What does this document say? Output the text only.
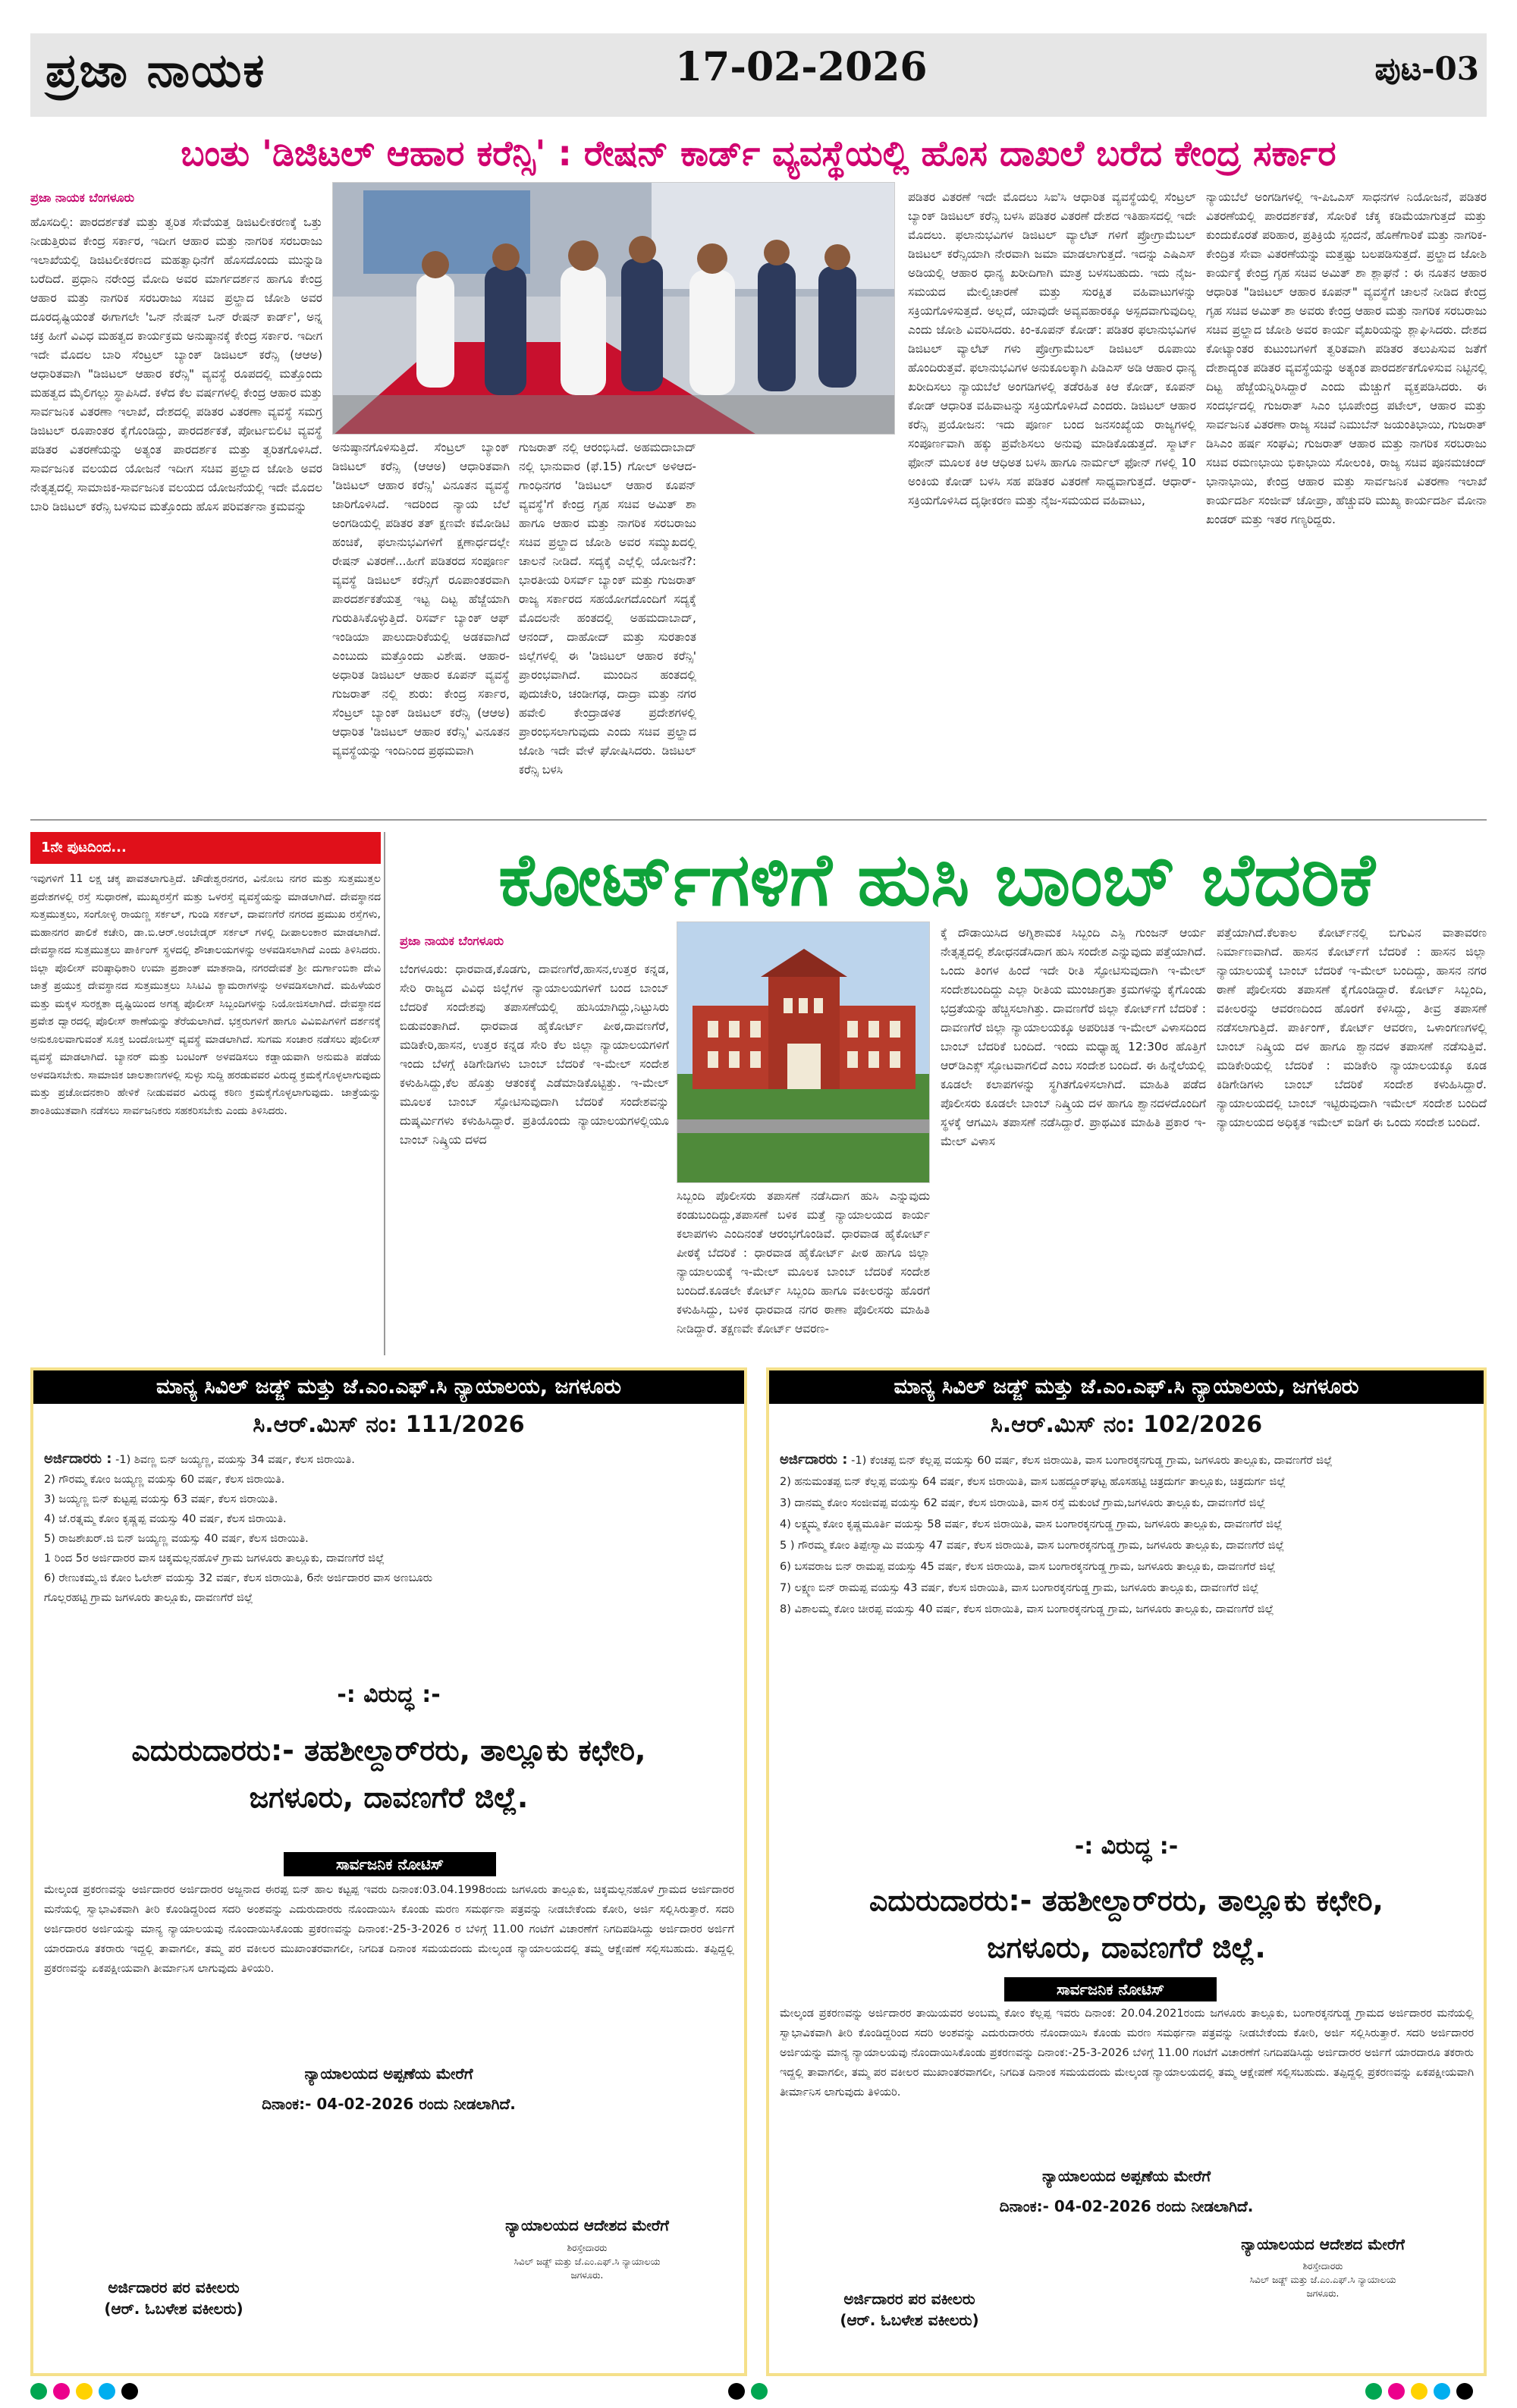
ಪ್ರಜಾ ನಾಯಕ	17-02-2026	ಪುಟ-03
ಬಂತು 'ಡಿಜಿಟಲ್ ಆಹಾರ ಕರೆನ್ಸಿ' : ರೇಷನ್ ಕಾರ್ಡ್ ವ್ಯವಸ್ಥೆಯಲ್ಲಿ ಹೊಸ ದಾಖಲೆ ಬರೆದ ಕೇಂದ್ರ ಸರ್ಕಾರ
ಪ್ರಜಾ ನಾಯಕ ಬೆಂಗಳೂರು

ಹೊಸದಿಲ್ಲಿ: ಪಾರದರ್ಶಕತೆ ಮತ್ತು ತ್ವರಿತ ಸೇವೆಯತ್ತ ಡಿಜಿಟಲೀಕರಣಕ್ಕೆ ಒತ್ತು ನೀಡುತ್ತಿರುವ ಕೇಂದ್ರ ಸರ್ಕಾರ, ಇದೀಗ ಆಹಾರ ಮತ್ತು ನಾಗರಿಕ ಸರಬರಾಜು ಇಲಾಖೆಯಲ್ಲಿ ಡಿಜಿಟಲೀಕರಣದ ಮಹತ್ವಾಧಿನೆಗೆ ಹೊಸದೊಂದು ಮುನ್ನುಡಿ ಬರೆದಿದೆ. ಪ್ರಧಾನಿ ನರೇಂದ್ರ ಮೋದಿ ಅವರ ಮಾರ್ಗದರ್ಶನ ಹಾಗೂ ಕೇಂದ್ರ ಆಹಾರ ಮತ್ತು ನಾಗರಿಕ ಸರಬರಾಜು ಸಚಿವ ಪ್ರಲ್ಹಾದ ಜೋಶಿ ಅವರ ದೂರದೃಷ್ಟಿಯಂತೆ ಈಗಾಗಲೇ 'ಒನ್ ನೇಷನ್ ಒನ್ ರೇಷನ್ ಕಾರ್ಡ್', ಅನ್ನ ಚಕ್ರ ಹೀಗೆ ವಿವಿಧ ಮಹತ್ವದ ಕಾರ್ಯಕ್ರಮ ಅನುಷ್ಠಾನಕ್ಕೆ ಕೇಂದ್ರ ಸರ್ಕಾರ. ಇದೀಗ ಇದೇ ಮೊದಲ ಬಾರಿ ಸೆಂಟ್ರಲ್ ಬ್ಯಾಂಕ್ ಡಿಜಿಟಲ್ ಕರೆನ್ಸಿ (ಆಆಅ) ಆಧಾರಿತವಾಗಿ "ಡಿಜಿಟಲ್ ಆಹಾರ ಕರೆನ್ಸಿ" ವ್ಯವಸ್ಥೆ ರೂಪದಲ್ಲಿ ಮತ್ತೊಂದು ಮಹತ್ವದ ಮೈಲಿಗಲ್ಲು ಸ್ಥಾಪಿಸಿದೆ. ಕಳೆದ ಕೆಲ ವರ್ಷಗಳಲ್ಲಿ ಕೇಂದ್ರ ಆಹಾರ ಮತ್ತು ಸಾರ್ವಜನಿಕ ವಿತರಣಾ ಇಲಾಖೆ, ದೇಶದಲ್ಲಿ ಪಡಿತರ ವಿತರಣಾ ವ್ಯವಸ್ಥೆ ಸಮಗ್ರ ಡಿಜಿಟಲ್ ರೂಪಾಂತರ ಕೈಗೊಂಡಿದ್ದು, ಪಾರದರ್ಶಕತೆ, ಪೋರ್ಟಬಿಲಿಟಿ ವ್ಯವಸ್ಥೆ ಪಡಿತರ ವಿತರಣೆಯನ್ನು ಅತ್ಯಂತ ಪಾರದರ್ಶಕ ಮತ್ತು ತ್ವರಿತಗೊಳಿಸಿದೆ. ಸಾರ್ವಜನಿಕ ವಲಯದ ಯೋಜನೆ ಇದೀಗ ಸಚಿವ ಪ್ರಲ್ಹಾದ ಜೋಶಿ ಅವರ ನೇತೃತ್ವದಲ್ಲಿ ಸಾಮಾಜಿಕ-ಸಾರ್ವಜನಿಕ ವಲಯದ ಯೋಜನೆಯಲ್ಲಿ ಇದೇ ಮೊದಲ ಬಾರಿ ಡಿಜಿಟಲ್ ಕರೆನ್ಸಿ ಬಳಸುವ ಮತ್ತೊಂದು ಹೊಸ ಪರಿವರ್ತನಾ ಕ್ರಮವನ್ನು

ಅನುಷ್ಠಾನಗೊಳಿಸುತ್ತಿದೆ. ಸೆಂಟ್ರಲ್ ಬ್ಯಾಂಕ್ ಡಿಜಿಟಲ್ ಕರೆನ್ಸಿ (ಆಆಅ) ಆಧಾರಿತವಾಗಿ 'ಡಿಜಿಟಲ್ ಆಹಾರ ಕರೆನ್ಸಿ' ವಿನೂತನ ವ್ಯವಸ್ಥೆ ಜಾರಿಗೊಳಿಸಿದೆ. ಇದರಿಂದ ನ್ಯಾಯ ಬೆಲೆ ಅಂಗಡಿಯಲ್ಲಿ ಪಡಿತರ ತತ್ ಕ್ಷಣವೇ ಕಮೋಡಿಟಿ ಹಂಚಿಕೆ, ಫಲಾನುಭವಿಗಳಿಗೆ ಕ್ಷಣಾರ್ಧದಲ್ಲೇ ರೇಷನ್ ವಿತರಣೆ...ಹೀಗೆ ಪಡಿತರದ ಸಂಪೂರ್ಣ ವ್ಯವಸ್ಥೆ ಡಿಜಿಟಲ್ ಕರೆನ್ಸಿಗೆ ರೂಪಾಂತರವಾಗಿ ಪಾರದರ್ಶಕತೆಯತ್ತ ಇಟ್ಟ ದಿಟ್ಟ ಹೆಜ್ಜೆಯಾಗಿ ಗುರುತಿಸಿಕೊಳ್ಳುತ್ತಿದೆ. ರಿಸರ್ವ್ ಬ್ಯಾಂಕ್ ಆಫ್ ಇಂಡಿಯಾ ಪಾಲುದಾರಿಕೆಯಲ್ಲಿ ಅಡಕವಾಗಿದೆ ಎಂಬುದು ಮತ್ತೊಂದು ವಿಶೇಷ. ಆಹಾರ-ಅಧಾರಿತ ಡಿಜಿಟಲ್ ಆಹಾರ ಕೂಪನ್ ವ್ಯವಸ್ಥೆ ಗುಜರಾತ್ ನಲ್ಲಿ ಶುರು: ಕೇಂದ್ರ ಸರ್ಕಾರ, ಸೆಂಟ್ರಲ್ ಬ್ಯಾಂಕ್ ಡಿಜಿಟಲ್ ಕರೆನ್ಸಿ (ಆಆಅ) ಆಧಾರಿತ 'ಡಿಜಿಟಲ್ ಆಹಾರ ಕರೆನ್ಸಿ' ವಿನೂತನ ವ್ಯವಸ್ಥೆಯನ್ನು ಇಂದಿನಿಂದ ಪ್ರಥಮವಾಗಿ

ಗುಜರಾತ್ ನಲ್ಲಿ ಆರಂಭಿಸಿದೆ. ಅಹಮದಾಬಾದ್ ನಲ್ಲಿ ಭಾನುವಾರ (ಫೆ.15) ಗೋಲ್ ಅಳಿಆದ-ಗಾಂಧಿನಗರ 'ಡಿಜಿಟಲ್ ಆಹಾರ ಕೂಪನ್ ವ್ಯವಸ್ಥೆ'ಗೆ ಕೇಂದ್ರ ಗೃಹ ಸಚಿವ ಅಮಿತ್ ಶಾ ಹಾಗೂ ಆಹಾರ ಮತ್ತು ನಾಗರಿಕ ಸರಬರಾಜು ಸಚಿವ ಪ್ರಲ್ಹಾದ ಜೋಶಿ ಅವರ ಸಮ್ಮುಖದಲ್ಲಿ ಚಾಲನೆ ನೀಡಿದೆ. ಸದ್ಯಕ್ಕೆ ಎಲ್ಲೆಲ್ಲಿ ಯೋಜನೆ?: ಭಾರತೀಯ ರಿಸರ್ವ್ ಬ್ಯಾಂಕ್ ಮತ್ತು ಗುಜರಾತ್ ರಾಜ್ಯ ಸರ್ಕಾರದ ಸಹಯೋಗದೊಂದಿಗೆ ಸದ್ಯಕ್ಕೆ ಮೊದಲನೇ ಹಂತದಲ್ಲಿ ಅಹಮದಾಬಾದ್, ಆನಂದ್, ದಾಹೋದ್ ಮತ್ತು ಸುರತಾಂತ ಜಿಲ್ಲೆಗಳಲ್ಲಿ ಈ 'ಡಿಜಿಟಲ್ ಆಹಾರ ಕರೆನ್ಸಿ' ಪ್ರಾರಂಭವಾಗಿದೆ. ಮುಂದಿನ ಹಂತದಲ್ಲಿ ಪುದುಚೇರಿ, ಚಂಡೀಗಢ, ದಾದ್ರಾ ಮತ್ತು ನಗರ ಹವೇಲಿ ಕೇಂದ್ರಾಡಳಿತ ಪ್ರದೇಶಗಳಲ್ಲಿ ಪ್ರಾರಂಭಿಸಲಾಗುವುದು ಎಂದು ಸಚಿವ ಪ್ರಲ್ಹಾದ ಜೋಶಿ ಇದೇ ವೇಳೆ ಘೋಷಿಸಿದರು. ಡಿಜಿಟಲ್ ಕರೆನ್ಸಿ ಬಳಸಿ

ಪಡಿತರ ವಿತರಣೆ ಇದೇ ಮೊದಲು ಸಿಐಿಸಿ ಆಧಾರಿತ ವ್ಯವಸ್ಥೆಯಲ್ಲಿ ಸೆಂಟ್ರಲ್ ಬ್ಯಾಂಕ್ ಡಿಜಿಟಲ್ ಕರೆನ್ಸಿ ಬಳಸಿ ಪಡಿತರ ವಿತರಣೆ ದೇಶದ ಇತಿಹಾಸದಲ್ಲಿ ಇದೇ ಮೊದಲು. ಫಲಾನುಭವಿಗಳ ಡಿಜಿಟಲ್ ವ್ಯಾಲೆಟ್ ಗಳಿಗೆ ಪ್ರೋಗ್ರಾಮೆಬಲ್ ಡಿಜಿಟಲ್ ಕರೆನ್ಸಿಯಾಗಿ ನೇರವಾಗಿ ಜಮಾ ಮಾಡಲಾಗುತ್ತದೆ. ಇದನ್ನು ಎಷಿಎಸ್ ಅಡಿಯಲ್ಲಿ ಆಹಾರ ಧಾನ್ಯ ಖರೀದಿಗಾಗಿ ಮಾತ್ರ ಬಳಸಬಹುದು. ಇದು ನೈಜ-ಸಮಯದ ಮೇಲ್ವಿಚಾರಣೆ ಮತ್ತು ಸುರಕ್ಷಿತ ವಹಿವಾಟುಗಳನ್ನು ಸಕ್ರಿಯಗೊಳಿಸುತ್ತದೆ. ಅಲ್ಲದೆ, ಯಾವುದೇ ಅವ್ಯವಹಾರಕ್ಕೂ ಅಸ್ಪದವಾಗುವುದಿಲ್ಲ ಎಂದು ಜೋಶಿ ವಿವರಿಸಿದರು. ಕಿಂ-ಕೂಪನ್ ಕೋಡ್: ಪಡಿತರ ಫಲಾನುಭವಿಗಳ ಡಿಜಿಟಲ್ ವ್ಯಾಲೆಟ್ ಗಳು ಪ್ರೋಗ್ರಾಮೆಬಲ್ ಡಿಜಿಟಲ್ ರೂಪಾಯಿ ಹೊಂದಿರುತ್ತವೆ. ಫಲಾನುಭವಿಗಳ ಅನುಕೂಲಕ್ಕಾಗಿ ಪಿಡಿಎಸ್ ಅಡಿ ಆಹಾರ ಧಾನ್ಯ ಖರೀದಿಸಲು ನ್ಯಾಯಬೆಲೆ ಅಂಗಡಿಗಳಲ್ಲಿ ತಡೆರಹಿತ ಕಿಆ ಕೋಡ್, ಕೂಪನ್ ಕೋಡ್ ಆಧಾರಿತ ವಹಿವಾಟನ್ನು ಸಕ್ರಿಯಗೊಳಿಸಿದೆ ಎಂದರು. ಡಿಜಿಟಲ್ ಆಹಾರ ಕರೆನ್ಸಿ ಪ್ರಯೋಜನ: ಇದು ಪೂರ್ಣ ಬಂದ ಜನಸಂಖ್ಯೆಯ ರಾಜ್ಯಗಳಲ್ಲಿ ಸಂಪೂರ್ಣವಾಗಿ ಹಕ್ಕು ಪ್ರವೇಶಿಸಲು ಅನುವು ಮಾಡಿಕೊಡುತ್ತದೆ. ಸ್ಮಾರ್ಟ್ ಫೋನ್ ಮೂಲಕ ಕಿಆ ಆಧಿಅತ ಬಳಸಿ ಹಾಗೂ ನಾರ್ಮಲ್ ಫೋನ್ ಗಳಲ್ಲಿ 10 ಅಂಕಿಯ ಕೋಡ್ ಬಳಸಿ ಸಹ ಪಡಿತರ ವಿತರಣೆ ಸಾಧ್ಯವಾಗುತ್ತದೆ. ಆಧಾರ್-ಸಕ್ರಿಯಗೊಳಿಸಿದ ದೃಢೀಕರಣ ಮತ್ತು ನೈಜ-ಸಮಯದ ವಹಿವಾಟು,

ನ್ಯಾಯಬೆಲೆ ಅಂಗಡಿಗಳಲ್ಲಿ ಇ-ಪಿಒಎಸ್ ಸಾಧನಗಳ ನಿಯೋಜನೆ, ಪಡಿತರ ವಿತರಣೆಯಲ್ಲಿ ಪಾರದರ್ಶಕತೆ, ಸೋರಿಕೆ ಚೆಕ್ಕ ಕಡಿಮೆಯಾಗುತ್ತದೆ ಮತ್ತು ಕುಂದುಕೊರತೆ ಪರಿಹಾರ, ಪ್ರತಿಕ್ರಿಯೆ ಸ್ಪಂದನೆ, ಹೊಣೆಗಾರಿಕೆ ಮತ್ತು ನಾಗರಿಕ-ಕೇಂದ್ರಿತ ಸೇವಾ ವಿತರಣೆಯನ್ನು ಮತ್ತಷ್ಟು ಬಲಪಡಿಸುತ್ತದೆ. ಪ್ರಲ್ಹಾದ ಜೋಶಿ ಕಾರ್ಯಕ್ಕೆ ಕೇಂದ್ರ ಗೃಹ ಸಚಿವ ಅಮಿತ್ ಶಾ ಶ್ಲಾಘನೆ : ಈ ನೂತನ ಆಹಾರ ಆಧಾರಿತ "ಡಿಜಿಟಲ್ ಆಹಾರ ಕೂಪನ್" ವ್ಯವಸ್ಥೆಗೆ ಚಾಲನೆ ನೀಡಿದ ಕೇಂದ್ರ ಗೃಹ ಸಚಿವ ಅಮಿತ್ ಶಾ ಅವರು ಕೇಂದ್ರ ಆಹಾರ ಮತ್ತು ನಾಗರಿಕ ಸರಬರಾಜು ಸಚಿವ ಪ್ರಲ್ಹಾದ ಜೋಶಿ ಅವರ ಕಾರ್ಯ ವೈಖರಿಯನ್ನು ಶ್ಲಾಘಿಸಿದರು. ದೇಶದ ಕೋಟ್ಯಾಂತರ ಕುಟುಂಬಗಳಿಗೆ ತ್ವರಿತವಾಗಿ ಪಡಿತರ ತಲುಪಿಸುವ ಜತೆಗೆ ದೇಶಾದ್ಯಂತ ಪಡಿತರ ವ್ಯವಸ್ಥೆಯನ್ನು ಅತ್ಯಂತ ಪಾರದರ್ಶಕಗೊಳಿಸುವ ನಿಟ್ಟಿನಲ್ಲಿ ದಿಟ್ಟ ಹೆಜ್ಜೆಯನ್ನಿರಿಸಿದ್ದಾರೆ ಎಂದು ಮೆಚ್ಚುಗೆ ವ್ಯಕ್ತಪಡಿಸಿದರು. ಈ ಸಂದರ್ಭದಲ್ಲಿ ಗುಜರಾತ್ ಸಿಎಂ ಭೂಪೇಂದ್ರ ಪಟೇಲ್, ಆಹಾರ ಮತ್ತು ಸಾರ್ವಜನಿಕ ವಿತರಣಾ ರಾಜ್ಯ ಸಚಿವೆ ನಿಮುಬೆನ್ ಜಯಂತಿಭಾಯಿ, ಗುಜರಾತ್ ಡಿಸಿಎಂ ಹರ್ಷ ಸಂಘವಿ; ಗುಜರಾತ್ ಆಹಾರ ಮತ್ತು ನಾಗರಿಕ ಸರಬರಾಜು ಸಚಿವ ರಮಣಭಾಯಿ ಭಿಕಾಭಾಯಿ ಸೋಲಂಕಿ, ರಾಜ್ಯ ಸಚಿವ ಪೂನಮಚಂದ್ ಭಾನಾಭಾಯಿ, ಕೇಂದ್ರ ಆಹಾರ ಮತ್ತು ಸಾರ್ವಜನಿಕ ವಿತರಣಾ ಇಲಾಖೆ ಕಾರ್ಯದರ್ಶಿ ಸಂಜೀವ್ ಚೋಪ್ರಾ, ಹೆಚ್ಚುವರಿ ಮುಖ್ಯ ಕಾರ್ಯದರ್ಶಿ ಮೋನಾ ಖಂಡರ್ ಮತ್ತು ಇತರ ಗಣ್ಯರಿದ್ದರು.

1ನೇ ಪುಟದಿಂದ...

ಇವುಗಳಿಗೆ 11 ಲಕ್ಷ ಚಕ್ಕ ಪಾವತಲಾಗುತ್ತಿದೆ. ಚೌಡೇಶ್ವರನಗರ, ವಿನೋಬ ನಗರ ಮತ್ತು ಸುತ್ತಮುತ್ತಲ ಪ್ರದೇಶಗಳಲ್ಲಿ ರಸ್ತೆ ಸುಧಾರಣೆ, ಮುಖ್ಯರಸ್ತೆಗೆ ಮತ್ತು ಒಳರಸ್ತೆ ವ್ಯವಸ್ಥೆಯನ್ನು ಮಾಡಲಾಗಿದೆ. ದೇವಸ್ಥಾನದ ಸುತ್ತಮುತ್ತಲು, ಸಂಗೋಳ್ಳಿ ರಾಯಣ್ಣ ಸರ್ಕಲ್, ಗುಂಡಿ ಸರ್ಕಲ್, ದಾವಣಗೆರೆ ನಗರದ ಪ್ರಮುಖ ರಸ್ತೆಗಳು, ಮಹಾನಗರ ಪಾಲಿಕೆ ಕಚೇರಿ, ಡಾ.ಬಿ.ಆರ್.ಅಂಬೇಡ್ಕರ್ ಸರ್ಕಲ್ ಗಳಲ್ಲಿ ದೀಪಾಲಂಕಾರ ಮಾಡಲಾಗಿದೆ. ದೇವಸ್ಥಾನದ ಸುತ್ತಮುತ್ತಲು ಪಾರ್ಕಿಂಗ್ ಸ್ಥಳದಲ್ಲಿ ಶೌಚಾಲಯಗಳನ್ನು ಅಳವಡಿಸಲಾಗಿದೆ ಎಂದು ತಿಳಿಸಿದರು. ಜಿಲ್ಲಾ ಪೊಲೀಸ್ ವರಿಷ್ಠಾಧಿಕಾರಿ ಉಮಾ ಪ್ರಶಾಂತ್ ಮಾತನಾಡಿ, ನಗರದೇವತೆ ಶ್ರೀ ದುರ್ಗಾಂಬಿಕಾ ದೇವಿ ಜಾತ್ರೆ ಪ್ರಯುಕ್ತ ದೇವಸ್ಥಾನದ ಸುತ್ತಮುತ್ತಲು ಸಿಸಿಟಿವಿ ಕ್ಯಾಮರಾಗಳನ್ನು ಅಳವಡಿಸಲಾಗಿದೆ. ಮಹಿಳೆಯರ ಮತ್ತು ಮಕ್ಕಳ ಸುರಕ್ಷತಾ ದೃಷ್ಟಿಯಿಂದ ಅಗತ್ಯ ಪೊಲೀಸ್ ಸಿಬ್ಬಂದಿಗಳನ್ನು ನಿಯೋಜಿಸಲಾಗಿದೆ. ದೇವಸ್ಥಾನದ ಪ್ರವೇಶ ದ್ವಾರದಲ್ಲಿ ಪೊಲೀಸ್ ಠಾಣೆಯನ್ನು ತೆರೆಯಲಾಗಿದೆ. ಭಕ್ತರುಗಳಿಗೆ ಹಾಗೂ ವಿವಿಐಪಿಗಳಿಗೆ ದರ್ಶನಕ್ಕೆ ಅನುಕೂಲವಾಗುವಂತೆ ಸೂಕ್ತ ಬಂದೋಬಸ್ತ್ ವ್ಯವಸ್ಥೆ ಮಾಡಲಾಗಿದೆ. ಸುಗಮ ಸಂಚಾರ ನಡೆಸಲು ಪೊಲೀಸ್ ವ್ಯವಸ್ಥೆ ಮಾಡಲಾಗಿದೆ. ಬ್ಯಾನರ್ ಮತ್ತು ಬಂಟಿಂಗ್ ಅಳವಡಿಸಲು ಕಡ್ಡಾಯವಾಗಿ ಅನುಮತಿ ಪಡೆಯ ಅಳವಡಿಸಬೇಕು. ಸಾಮಾಜಿಕ ಜಾಲತಾಣಗಳಲ್ಲಿ ಸುಳ್ಳು ಸುದ್ದಿ ಹರಡುವವರ ವಿರುದ್ಧ ಕ್ರಮಕೈಗೊಳ್ಳಲಾಗುವುದು ಮತ್ತು ಪ್ರಚೋದನಕಾರಿ ಹೇಳಿಕೆ ನೀಡುವವರ ವಿರುದ್ಧ ಕಠಿಣ ಕ್ರಮಕೈಗೊಳ್ಳಲಾಗುವುದು. ಜಾತ್ರೆಯನ್ನು ಶಾಂತಿಯುತವಾಗಿ ನಡೆಸಲು ಸಾರ್ವಜನಿಕರು ಸಹಕರಿಸಬೇಕು ಎಂದು ತಿಳಿಸಿದರು.

ಕೋರ್ಟ್‌ಗಳಿಗೆ ಹುಸಿ ಬಾಂಬ್ ಬೆದರಿಕೆ
ಪ್ರಜಾ ನಾಯಕ ಬೆಂಗಳೂರು

ಬೆಂಗಳೂರು: ಧಾರವಾಡ,ಕೊಡಗು, ದಾವಣಗೆರೆ,ಹಾಸನ,ಉತ್ತರ ಕನ್ನಡ, ಸೇರಿ ರಾಜ್ಯದ ವಿವಿಧ ಜಿಲ್ಲೆಗಳ ನ್ಯಾಯಾಲಯಗಳಿಗೆ ಬಂದ ಬಾಂಬ್ ಬೆದರಿಕೆ ಸಂದೇಶವು ತಪಾಸಣೆಯಲ್ಲಿ ಹುಸಿಯಾಗಿದ್ದು,ನಿಟ್ಟುಸಿರು ಬಿಡುವಂತಾಗಿದೆ. ಧಾರವಾಡ ಹೈಕೋರ್ಟ್ ಪೀಠ,ದಾವಣಗೆರೆ, ಮಡಿಕೇರಿ,ಹಾಸನ, ಉತ್ತರ ಕನ್ನಡ ಸೇರಿ ಕೆಲ ಜಿಲ್ಲಾ ನ್ಯಾಯಾಲಯಗಳಿಗೆ ಇಂದು ಬೆಳಗ್ಗೆ ಕಿಡಿಗೇಡಿಗಳು ಬಾಂಬ್ ಬೆದರಿಕೆ ಇ-ಮೇಲ್ ಸಂದೇಶ ಕಳುಹಿಸಿದ್ದು,ಕೆಲ ಹೊತ್ತು ಆತಂಕಕ್ಕೆ ಎಡೆಮಾಡಿಕೊಟ್ಟಿತ್ತು. ಇ-ಮೇಲ್ ಮೂಲಕ ಬಾಂಬ್ ಸ್ಫೋಟಿಸುವುದಾಗಿ ಬೆದರಿಕೆ ಸಂದೇಶವನ್ನು ದುಷ್ಕರ್ಮಿಗಳು ಕಳುಹಿಸಿದ್ದಾರೆ. ಪ್ರತಿಯೊಂದು ನ್ಯಾಯಾಲಯಗಳಲ್ಲಿಯೂ ಬಾಂಬ್ ನಿಷ್ಕ್ರಿಯ ದಳದ

ಸಿಬ್ಬಂದಿ ಪೊಲೀಸರು ತಪಾಸಣೆ ನಡೆಸಿದಾಗ ಹುಸಿ ಎನ್ನುವುದು ಕಂಡುಬಂದಿದ್ದು,ತಪಾಸಣೆ ಬಳಿಕ ಮತ್ತೆ ನ್ಯಾಯಾಲಯದ ಕಾರ್ಯ ಕಲಾಪಗಳು ಎಂದಿನಂತೆ ಆರಂಭಗೊಂಡಿವೆ. ಧಾರವಾಡ ಹೈಕೋರ್ಟ್ ಪೀಠಕ್ಕೆ ಬೆದರಿಕೆ : ಧಾರವಾಡ ಹೈಕೋರ್ಟ್ ಪೀಠ ಹಾಗೂ ಜಿಲ್ಲಾ ನ್ಯಾಯಾಲಯಕ್ಕೆ ಇ-ಮೇಲ್ ಮೂಲಕ ಬಾಂಬ್ ಬೆದರಿಕೆ ಸಂದೇಶ ಬಂದಿದೆ.ಕೂಡಲೇ ಕೋರ್ಟ್ ಸಿಬ್ಬಂದಿ ಹಾಗೂ ವಕೀಲರನ್ನು ಹೊರಗೆ ಕಳುಹಿಸಿದ್ದು, ಬಳಿಕ ಧಾರವಾಡ ನಗರ ಠಾಣಾ ಪೊಲೀಸರು ಮಾಹಿತಿ ನೀಡಿದ್ದಾರೆ. ತಕ್ಷಣವೇ ಕೋರ್ಟ್ ಆವರಣ-

ಕ್ಕೆ ದೌಡಾಯಿಸಿದ ಅಗ್ನಿಶಾಮಕ ಸಿಬ್ಬಂದಿ ಎಸ್ಪಿ ಗುಂಜನ್ ಆರ್ಯ ನೇತೃತ್ವದಲ್ಲಿ ಶೋಧನಡೆಸಿದಾಗ ಹುಸಿ ಸಂದೇಶ ಎನ್ನುವುದು ಪತ್ತೆಯಾಗಿದೆ. ಒಂದು ತಿಂಗಳ ಹಿಂದೆ ಇದೇ ರೀತಿ ಸ್ಫೋಟಿಸುವುದಾಗಿ ಇ-ಮೇಲ್ ಸಂದೇಶಬಂದಿದ್ದು ಎಲ್ಲಾ ರೀತಿಯ ಮುಂಜಾಗ್ರತಾ ಕ್ರಮಗಳನ್ನು ಕೈಗೊಂಡು ಭದ್ರತೆಯನ್ನು ಹೆಚ್ಚಿಸಲಾಗಿತ್ತು. ದಾವಣಗೆರೆ ಜಿಲ್ಲಾ ಕೋರ್ಟ್‌ಗೆ ಬೆದರಿಕೆ : ದಾವಣಗೆರೆ ಜಿಲ್ಲಾ ನ್ಯಾಯಾಲಯಕ್ಕೂ ಅಪರಿಚಿತ ಇ-ಮೇಲ್ ವಿಳಾಸದಿಂದ ಬಾಂಬ್ ಬೆದರಿಕೆ ಬಂದಿದೆ. ಇಂದು ಮಧ್ಯಾಹ್ನ 12:30ರ ಹೊತ್ತಿಗೆ ಆರ್‌ಡಿಎಕ್ಸ್ ಸ್ಫೋಟವಾಗಲಿದೆ ಎಂಬ ಸಂದೇಶ ಬಂದಿದೆ. ಈ ಹಿನ್ನೆಲೆಯಲ್ಲಿ ಕೂಡಲೇ ಕಲಾಪಗಳನ್ನು ಸ್ಥಗಿತಗೊಳಿಸಲಾಗಿದೆ. ಮಾಹಿತಿ ಪಡೆದ ಪೊಲೀಸರು ಕೂಡಲೇ ಬಾಂಬ್ ನಿಷ್ಕ್ರಿಯ ದಳ ಹಾಗೂ ಶ್ವಾನದಳದೊಂದಿಗೆ ಸ್ಥಳಕ್ಕೆ ಆಗಮಿಸಿ ತಪಾಸಣೆ ನಡೆಸಿದ್ದಾರೆ. ಪ್ರಾಥಮಿಕ ಮಾಹಿತಿ ಪ್ರಕಾರ ಇ-ಮೇಲ್ ವಿಳಾಸ

ಪತ್ತೆಯಾಗಿದೆ.ಕೆಲಕಾಲ ಕೋರ್ಟ್‌ನಲ್ಲಿ ಬಿಗುವಿನ ವಾತಾವರಣ ನಿರ್ಮಾಣವಾಗಿದೆ. ಹಾಸನ ಕೋರ್ಟ್‌ಗೆ ಬೆದರಿಕೆ : ಹಾಸನ ಜಿಲ್ಲಾ ನ್ಯಾಯಾಲಯಕ್ಕೆ ಬಾಂಬ್ ಬೆದರಿಕೆ ಇ-ಮೇಲ್ ಬಂದಿದ್ದು, ಹಾಸನ ನಗರ ಠಾಣೆ ಪೊಲೀಸರು ತಪಾಸಣೆ ಕೈಗೊಂಡಿದ್ದಾರೆ. ಕೋರ್ಟ್ ಸಿಬ್ಬಂದಿ, ವಕೀಲರನ್ನು ಆವರಣದಿಂದ ಹೊರಗೆ ಕಳಿಸಿದ್ದು, ತೀವ್ರ ತಪಾಸಣೆ ನಡೆಸಲಾಗುತ್ತಿದೆ. ಪಾರ್ಕಿಂಗ್, ಕೋರ್ಟ್ ಆವರಣ, ಒಳಾಂಗಣಗಳಲ್ಲಿ ಬಾಂಬ್ ನಿಷ್ಕ್ರಿಯ ದಳ ಹಾಗೂ ಶ್ವಾನದಳ ತಪಾಸಣೆ ನಡೆಸುತ್ತಿವೆ. ಮಡಿಕೇರಿಯಲ್ಲಿ ಬೆದರಿಕೆ : ಮಡಿಕೇರಿ ನ್ಯಾಯಾಲಯಕ್ಕೂ ಕೂಡ ಕಿಡಿಗೇಡಿಗಳು ಬಾಂಬ್ ಬೆದರಿಕೆ ಸಂದೇಶ ಕಳುಹಿಸಿದ್ದಾರೆ. ನ್ಯಾಯಾಲಯದಲ್ಲಿ ಬಾಂಬ್ ಇಟ್ಟಿರುವುದಾಗಿ ಇಮೇಲ್ ಸಂದೇಶ ಬಂದಿದೆ ನ್ಯಾಯಾಲಯದ ಅಧಿಕೃತ ಇಮೇಲ್ ಐಡಿಗೆ ಈ ಒಂದು ಸಂದೇಶ ಬಂದಿದೆ.

ಮಾನ್ಯ ಸಿವಿಲ್ ಜಡ್ಜ್ ಮತ್ತು ಜೆ.ಎಂ.ಎಫ್.ಸಿ ನ್ಯಾಯಾಲಯ, ಜಗಳೂರು
ಸಿ.ಆರ್.ಮಿಸ್ ನಂ: 111/2026
ಅರ್ಜಿದಾರರು : -1) ಶಿವಣ್ಣ ಬಿನ್ ಜಯ್ಯಣ್ಣ, ವಯಸ್ಸು 34 ವರ್ಷ, ಕೆಲಸ ಜಿರಾಯಿತಿ.
2) ಗೌರಮ್ಮ ಕೋಂ ಜಯ್ಯಣ್ಣ ವಯಸ್ಸು 60 ವರ್ಷ, ಕೆಲಸ ಜಿರಾಯಿತಿ.
3) ಜಯ್ಯಣ್ಣ ಬಿನ್ ಕುಟ್ಟಪ್ಪ ವಯಸ್ಸು 63 ವರ್ಷ, ಕೆಲಸ ಜಿರಾಯಿತಿ.
4) ಜೆ.ರತ್ನಮ್ಮ ಕೋಂ ಕೃಷ್ಣಪ್ಪ ವಯಸ್ಸು 40 ವರ್ಷ, ಕೆಲಸ ಜಿರಾಯಿತಿ.
5) ರಾಜಶೇಖರ್.ಜಿ ಬಿನ್ ಜಯ್ಯಣ್ಣ ವಯಸ್ಸು 40 ವರ್ಷ, ಕೆಲಸ ಜಿರಾಯಿತಿ.
1 ರಿಂದ 5ರ ಅರ್ಜಿದಾರರ ವಾಸ ಚಿಕ್ಕಮಲ್ಲನಹೊಳೆ ಗ್ರಾಮ ಜಗಳೂರು ತಾಲ್ಲೂಕು, ದಾವಣಗೆರೆ ಜಿಲ್ಲೆ
6) ರೇಣುಕಮ್ಮ.ಜಿ ಕೋಂ ಓಲೇಶ್ ವಯಸ್ಸು 32 ವರ್ಷ, ಕೆಲಸ ಜಿರಾಯಿತಿ, 6ನೇ ಅರ್ಜಿದಾರರ ವಾಸ ಅಣಬೂರು
ಗೊಲ್ಲರಹಟ್ಟಿ ಗ್ರಾಮ ಜಗಳೂರು ತಾಲ್ಲೂಕು, ದಾವಣಗೆರೆ ಜಿಲ್ಲೆ
-: ವಿರುದ್ಧ :-
ಎದುರುದಾರರು:- ತಹಶೀಲ್ದಾರ್‌ರರು, ತಾಲ್ಲೂಕು ಕಛೇರಿ, ಜಗಳೂರು, ದಾವಣಗೆರೆ ಜಿಲ್ಲೆ.
ಸಾರ್ವಜನಿಕ ನೋಟಿಸ್
ಮೇಲ್ಕಂಡ ಪ್ರಕರಣವನ್ನು ಅರ್ಜಿದಾರರ ಅರ್ಜಿದಾರರ ಅಜ್ಜನಾದ ಈರಪ್ಪ ಬಿನ್ ಹಾಲ ಕಟ್ಟಪ್ಪ ಇವರು ದಿನಾಂಕ:03.04.1998ರಂದು ಜಗಳೂರು ತಾಲ್ಲೂಕು, ಚಿಕ್ಕಮಲ್ಲನಹೊಳೆ ಗ್ರಾಮದ ಅರ್ಜಿದಾರರ ಮನೆಯಲ್ಲಿ ಸ್ವಾಭಾವಿಕವಾಗಿ ತೀರಿ ಕೊಂಡಿದ್ದರಿಂದ ಸದರಿ ಅಂಶವನ್ನು ಎದುರುದಾರರು ನೊಂದಾಯಿಸಿ ಕೊಂಡು ಮರಣ ಸಮರ್ಥನಾ ಪತ್ರವನ್ನು ನೀಡಬೇಕೆಂದು ಕೋರಿ, ಅರ್ಜಿ ಸಲ್ಲಿಸಿರುತ್ತಾರೆ. ಸದರಿ ಅರ್ಜಿದಾರರ ಅರ್ಜಿಯನ್ನು ಮಾನ್ಯ ನ್ಯಾಯಾಲಯವು ನೊಂದಾಯಿಸಿಕೊಂಡು ಪ್ರಕರಣವನ್ನು ದಿನಾಂಕ:-25-3-2026 ರ ಬೆಳಿಗ್ಗೆ 11.00 ಗಂಟೆಗೆ ವಿಚಾರಣೆಗೆ ನಿಗದಿಪಡಿಸಿದ್ದು ಅರ್ಜಿದಾರರ ಅರ್ಜಿಗೆ ಯಾರದಾರೂ ತಕರಾರು ಇದ್ದಲ್ಲಿ ತಾವಾಗಲೀ, ತಮ್ಮ ಪರ ವಕೀಲರ ಮುಖಾಂತರವಾಗಲೀ, ನಿಗದಿತ ದಿನಾಂಕ ಸಮಯದಂದು ಮೇಲ್ಕಂಡ ನ್ಯಾಯಾಲಯದಲ್ಲಿ ತಮ್ಮ ಆಕ್ಷೇಪಣೆ ಸಲ್ಲಿಸಬಹುದು. ತಪ್ಪಿದ್ದಲ್ಲಿ ಪ್ರಕರಣವನ್ನು ಏಕಪಕ್ಷೀಯವಾಗಿ ತೀರ್ಮಾನಿಸ ಲಾಗುವುದು ತಿಳಿಯರಿ.
ನ್ಯಾಯಾಲಯದ ಅಪ್ಪಣೆಯ ಮೇರೆಗೆ
ದಿನಾಂಕ:- 04-02-2026 ರಂದು ನೀಡಲಾಗಿದೆ.
ನ್ಯಾಯಾಲಯದ ಆದೇಶದ ಮೇರೆಗೆ
ಶಿರಸ್ತೇದಾರರು
ಸಿವಿಲ್ ಜಡ್ಜ್ ಮತ್ತು ಜೆ.ಎಂ.ಎಫ್.ಸಿ ನ್ಯಾಯಾಲಯ
ಜಗಳೂರು.
ಅರ್ಜಿದಾರರ ಪರ ವಕೀಲರು
(ಆರ್. ಓಬಳೇಶ ವಕೀಲರು)
ಮಾನ್ಯ ಸಿವಿಲ್ ಜಡ್ಜ್ ಮತ್ತು ಜೆ.ಎಂ.ಎಫ್.ಸಿ ನ್ಯಾಯಾಲಯ, ಜಗಳೂರು
ಸಿ.ಆರ್.ಮಿಸ್ ನಂ: 102/2026
ಅರ್ಜಿದಾರರು : -1) ಕೆಂಚಪ್ಪ ಬಿನ್ ಕೆಲ್ಲಪ್ಪ ವಯಸ್ಸು 60 ವರ್ಷ, ಕೆಲಸ ಜಿರಾಯಿತಿ, ವಾಸ ಬಂಗಾರಕ್ಕನಗುಡ್ಡ ಗ್ರಾಮ, ಜಗಳೂರು ತಾಲ್ಲೂಕು, ದಾವಣಗೆರೆ ಜಿಲ್ಲೆ
2) ಹನುಮಂತಪ್ಪ ಬಿನ್ ಕೆಲ್ಲಪ್ಪ ವಯಸ್ಸು 64 ವರ್ಷ, ಕೆಲಸ ಜಿರಾಯಿತಿ, ವಾಸ ಬಹದ್ದೂರ್‌ಘಟ್ಟ ಹೊಸಹಟ್ಟಿ ಚಿತ್ರದುರ್ಗ ತಾಲ್ಲೂಕು, ಚಿತ್ರದುರ್ಗ ಜಿಲ್ಲೆ
3) ದಾನಮ್ಮ ಕೋಂ ಸಂಜೀವಪ್ಪ ವಯಸ್ಸು 62 ವರ್ಷ, ಕೆಲಸ ಜಿರಾಯಿತಿ, ವಾಸ ರಸ್ತೆ ಮಕುಂಟೆ ಗ್ರಾಮ,ಜಗಳೂರು ತಾಲ್ಲೂಕು, ದಾವಣಗೆರೆ ಜಿಲ್ಲೆ
4) ಲಕ್ಷ್ಮಮ್ಮ ಕೋಂ ಕೃಷ್ಣಮೂರ್ತಿ ವಯಸ್ಸು 58 ವರ್ಷ, ಕೆಲಸ ಜಿರಾಯಿತಿ, ವಾಸ ಬಂಗಾರಕ್ಕನಗುಡ್ಡ ಗ್ರಾಮ, ಜಗಳೂರು ತಾಲ್ಲೂಕು, ದಾವಣಗೆರೆ ಜಿಲ್ಲೆ
5 ) ಗೌರಮ್ಮ ಕೋಂ ತಿಪ್ಪೇಸ್ವಾಮಿ ವಯಸ್ಸು 47 ವರ್ಷ, ಕೆಲಸ ಜಿರಾಯಿತಿ, ವಾಸ ಬಂಗಾರಕ್ಕನಗುಡ್ಡ ಗ್ರಾಮ, ಜಗಳೂರು ತಾಲ್ಲೂಕು, ದಾವಣಗೆರೆ ಜಿಲ್ಲೆ
6) ಬಸವರಾಜ ಬಿನ್ ರಾಮಪ್ಪ ವಯಸ್ಸು 45 ವರ್ಷ, ಕೆಲಸ ಜಿರಾಯಿತಿ, ವಾಸ ಬಂಗಾರಕ್ಕನಗುಡ್ಡ ಗ್ರಾಮ, ಜಗಳೂರು ತಾಲ್ಲೂಕು, ದಾವಣಗೆರೆ ಜಿಲ್ಲೆ
7) ಲಕ್ಷ್ಮಣ ಬಿನ್ ರಾಮಪ್ಪ ವಯಸ್ಸು 43 ವರ್ಷ, ಕೆಲಸ ಜಿರಾಯಿತಿ, ವಾಸ ಬಂಗಾರಕ್ಕನಗುಡ್ಡ ಗ್ರಾಮ, ಜಗಳೂರು ತಾಲ್ಲೂಕು, ದಾವಣಗೆರೆ ಜಿಲ್ಲೆ
8) ವಿಶಾಲಮ್ಮ ಕೋಂ ಚೀರಪ್ಪ ವಯಸ್ಸು 40 ವರ್ಷ, ಕೆಲಸ ಜಿರಾಯಿತಿ, ವಾಸ ಬಂಗಾರಕ್ಕನಗುಡ್ಡ ಗ್ರಾಮ, ಜಗಳೂರು ತಾಲ್ಲೂಕು, ದಾವಣಗೆರೆ ಜಿಲ್ಲೆ
-: ವಿರುದ್ಧ :-
ಎದುರುದಾರರು:- ತಹಶೀಲ್ದಾರ್‌ರರು, ತಾಲ್ಲೂಕು ಕಛೇರಿ, ಜಗಳೂರು, ದಾವಣಗೆರೆ ಜಿಲ್ಲೆ.
ಸಾರ್ವಜನಿಕ ನೋಟಿಸ್
ಮೇಲ್ಕಂಡ ಪ್ರಕರಣವನ್ನು ಅರ್ಜಿದಾರರ ತಾಯಿಯವರ ಅಂಬಮ್ಮ ಕೋಂ ಕೆಲ್ಲಪ್ಪ ಇವರು ದಿನಾಂಕ: 20.04.2021ರಂದು ಜಗಳೂರು ತಾಲ್ಲೂಕು, ಬಂಗಾರಕ್ಕನಗುಡ್ಡ ಗ್ರಾಮದ ಅರ್ಜಿದಾರರ ಮನೆಯಲ್ಲಿ ಸ್ವಾಭಾವಿಕವಾಗಿ ತೀರಿ ಕೊಂಡಿದ್ದರಿಂದ ಸದರಿ ಅಂಶವನ್ನು ಎದುರುದಾರರು ನೊಂದಾಯಿಸಿ ಕೊಂಡು ಮರಣ ಸಮರ್ಥನಾ ಪತ್ರವನ್ನು ನೀಡಬೇಕೆಂದು ಕೋರಿ, ಅರ್ಜಿ ಸಲ್ಲಿಸಿರುತ್ತಾರೆ. ಸದರಿ ಅರ್ಜಿದಾರರ ಅರ್ಜಿಯನ್ನು ಮಾನ್ಯ ನ್ಯಾಯಾಲಯವು ನೊಂದಾಯಿಸಿಕೊಂಡು ಪ್ರಕರಣವನ್ನು ದಿನಾಂಕ:-25-3-2026 ಬೆಳಿಗ್ಗೆ 11.00 ಗಂಟೆಗೆ ವಿಚಾರಣೆಗೆ ನಿಗದಿಪಡಿಸಿದ್ದು ಅರ್ಜಿದಾರರ ಅರ್ಜಿಗೆ ಯಾರದಾರೂ ತಕರಾರು ಇದ್ದಲ್ಲಿ ತಾವಾಗಲೀ, ತಮ್ಮ ಪರ ವಕೀಲರ ಮುಖಾಂತರವಾಗಲೀ, ನಿಗದಿತ ದಿನಾಂಕ ಸಮಯದಂದು ಮೇಲ್ಕಂಡ ನ್ಯಾಯಾಲಯದಲ್ಲಿ ತಮ್ಮ ಆಕ್ಷೇಪಣೆ ಸಲ್ಲಿಸಬಹುದು. ತಪ್ಪಿದ್ದಲ್ಲಿ ಪ್ರಕರಣವನ್ನು ಏಕಪಕ್ಷೀಯವಾಗಿ ತೀರ್ಮಾನಿಸ ಲಾಗುವುದು ತಿಳಿಯರಿ.
ನ್ಯಾಯಾಲಯದ ಅಪ್ಪಣೆಯ ಮೇರೆಗೆ
ದಿನಾಂಕ:- 04-02-2026 ರಂದು ನೀಡಲಾಗಿದೆ.
ನ್ಯಾಯಾಲಯದ ಆದೇಶದ ಮೇರೆಗೆ
ಶಿರಸ್ತೇದಾರರು
ಸಿವಿಲ್ ಜಡ್ಜ್ ಮತ್ತು ಜೆ.ಎಂ.ಎಫ್.ಸಿ ನ್ಯಾಯಾಲಯ
ಜಗಳೂರು.
ಅರ್ಜಿದಾರರ ಪರ ವಕೀಲರು
(ಆರ್. ಓಬಳೇಶ ವಕೀಲರು)
